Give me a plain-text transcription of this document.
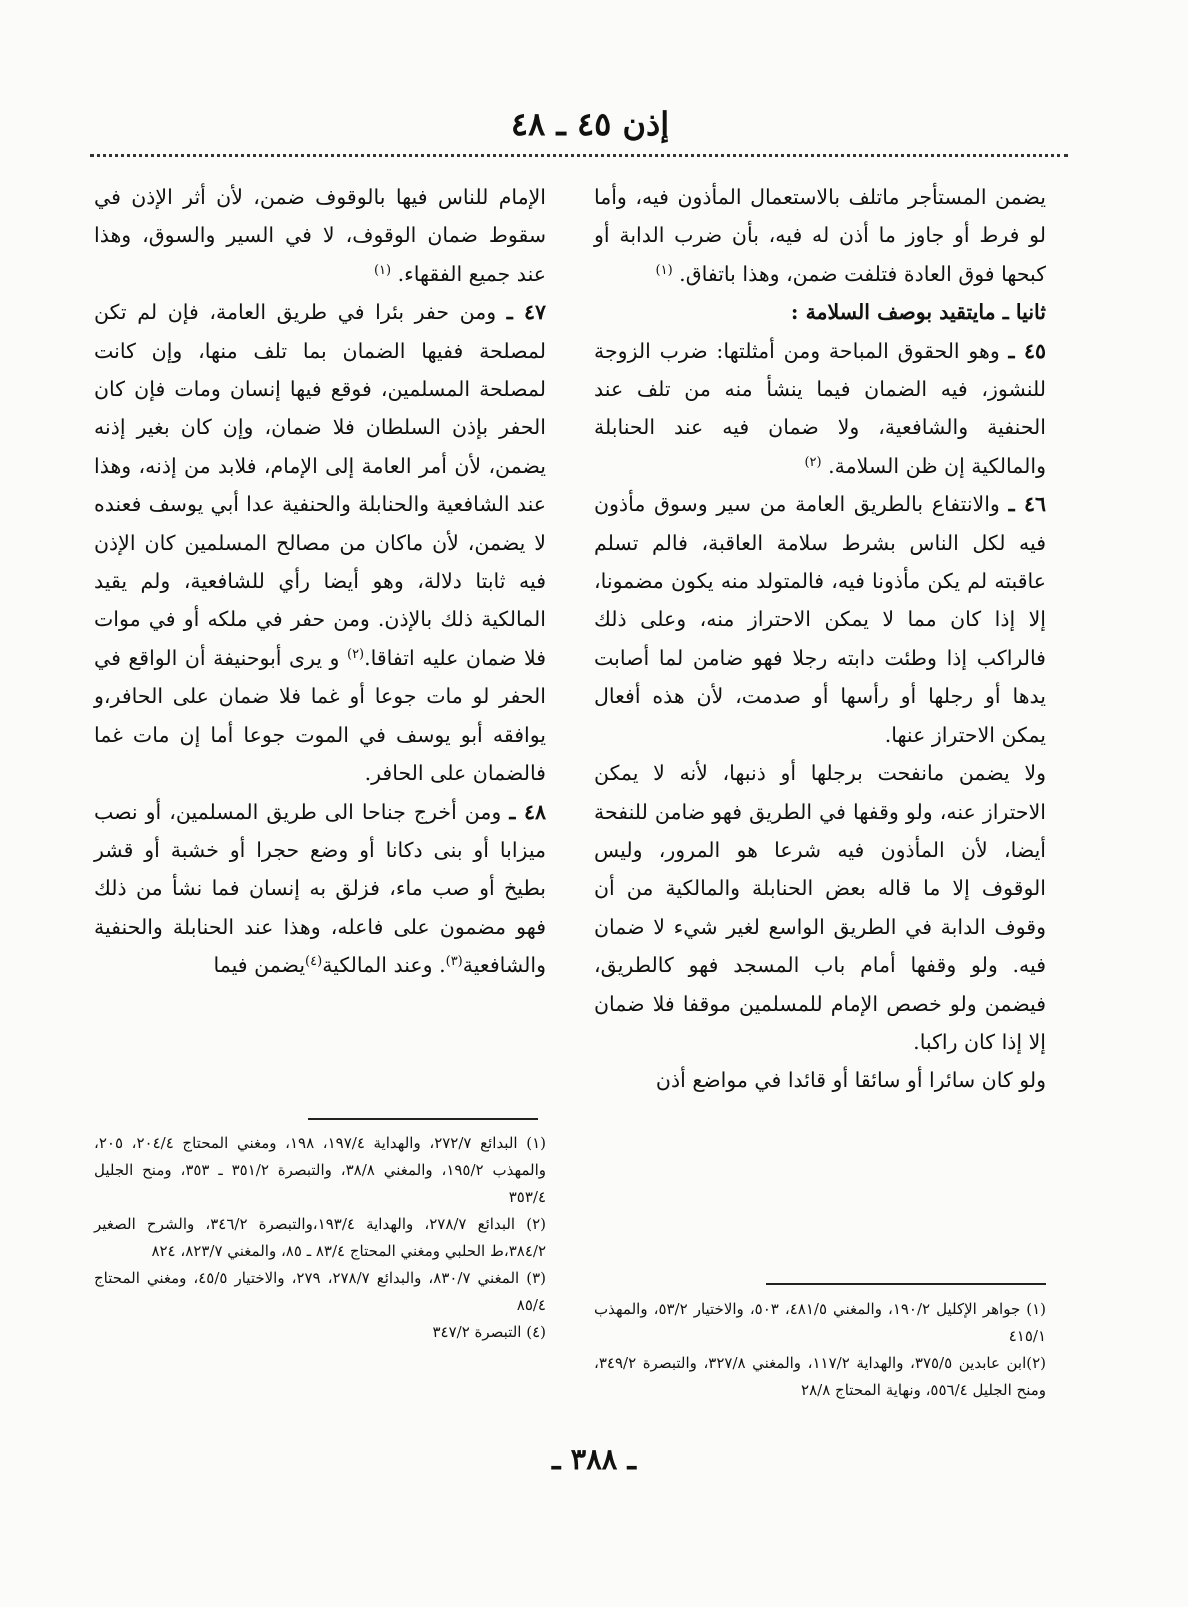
إذن ٤٥ ـ ٤٨

يضمن المستأجر ماتلف بالاستعمال المأذون فيه، وأما لو فرط أو جاوز ما أذن له فيه، بأن ضرب الدابة أو كبحها فوق العادة فتلفت ضمن، وهذا باتفاق. $^{(١)}$

ثانيا ـ مايتقيد بوصف السلامة :

٤٥ ـ وهو الحقوق المباحة ومن أمثلتها: ضرب الزوجة للنشوز، فيه الضمان فيما ينشأ منه من تلف عند الحنفية والشافعية، ولا ضمان فيه عند الحنابلة والمالكية إن ظن السلامة. $^{(٢)}$

٤٦ ـ والانتفاع بالطريق العامة من سير وسوق مأذون فيه لكل الناس بشرط سلامة العاقبة، فالم تسلم عاقبته لم يكن مأذونا فيه، فالمتولد منه يكون مضمونا، إلا إذا كان مما لا يمكن الاحتراز منه، وعلى ذلك فالراكب إذا وطئت دابته رجلا فهو ضامن لما أصابت يدها أو رجلها أو رأسها أو صدمت، لأن هذه أفعال يمكن الاحتراز عنها.

ولا يضمن مانفحت برجلها أو ذنبها، لأنه لا يمكن الاحتراز عنه، ولو وقفها في الطريق فهو ضامن للنفحة أيضا، لأن المأذون فيه شرعا هو المرور، وليس الوقوف إلا ما قاله بعض الحنابلة والمالكية من أن وقوف الدابة في الطريق الواسع لغير شيء لا ضمان فيه. ولو وقفها أمام باب المسجد فهو كالطريق، فيضمن ولو خصص الإمام للمسلمين موقفا فلا ضمان إلا إذا كان راكبا.

ولو كان سائرا أو سائقا أو قائدا في مواضع أذن

الإمام للناس فيها بالوقوف ضمن، لأن أثر الإذن في سقوط ضمان الوقوف، لا في السير والسوق، وهذا عند جميع الفقهاء. $^{(١)}$

٤٧ ـ ومن حفر بئرا في طريق العامة، فإن لم تكن لمصلحة ففيها الضمان بما تلف منها، وإن كانت لمصلحة المسلمين، فوقع فيها إنسان ومات فإن كان الحفر بإذن السلطان فلا ضمان، وإن كان بغير إذنه يضمن، لأن أمر العامة إلى الإمام، فلابد من إذنه، وهذا عند الشافعية والحنابلة والحنفية عدا أبي يوسف فعنده لا يضمن، لأن ماكان من مصالح المسلمين كان الإذن فيه ثابتا دلالة، وهو أيضا رأي للشافعية، ولم يقيد المالكية ذلك بالإذن. ومن حفر في ملكه أو في موات فلا ضمان عليه اتفاقا.$^{(٢)}$ و يرى أبوحنيفة أن الواقع في الحفر لو مات جوعا أو غما فلا ضمان على الحافر،و يوافقه أبو يوسف في الموت جوعا أما إن مات غما فالضمان على الحافر.

٤٨ ـ ومن أخرج جناحا الى طريق المسلمين، أو نصب ميزابا أو بنى دكانا أو وضع حجرا أو خشبة أو قشر بطيخ أو صب ماء، فزلق به إنسان فما نشأ من ذلك فهو مضمون على فاعله، وهذا عند الحنابلة والحنفية والشافعية$^{(٣)}$. وعند المالكية$^{(٤)}$يضمن فيما

(١) البدائع ٢٧٢/٧، والهداية ١٩٧/٤، ١٩٨، ومغني المحتاج ٢٠٤/٤، ٢٠٥، والمهذب ١٩٥/٢، والمغني ٣٨/٨، والتبصرة ٣٥١/٢ ـ ٣٥٣، ومنح الجليل ٣٥٣/٤

(٢) البدائع ٢٧٨/٧، والهداية ١٩٣/٤،والتبصرة ٣٤٦/٢، والشرح الصغير ٣٨٤/٢،ط الحلبي ومغني المحتاج ٨٣/٤ ـ ٨٥، والمغني ٨٢٣/٧، ٨٢٤

(٣) المغني ٨٣٠/٧، والبدائع ٢٧٨/٧، ٢٧٩، والاختيار ٤٥/٥، ومغني المحتاج ٨٥/٤

(٤) التبصرة ٣٤٧/٢

(١) جواهر الإكليل ١٩٠/٢، والمغني ٤٨١/٥، ٥٠٣، والاختيار ٥٣/٢، والمهذب ٤١٥/١

(٢)ابن عابدين ٣٧٥/٥، والهداية ١١٧/٢، والمغني ٣٢٧/٨، والتبصرة ٣٤٩/٢، ومنح الجليل ٥٥٦/٤، ونهاية المحتاج ٢٨/٨

ـ ٣٨٨ ـ
